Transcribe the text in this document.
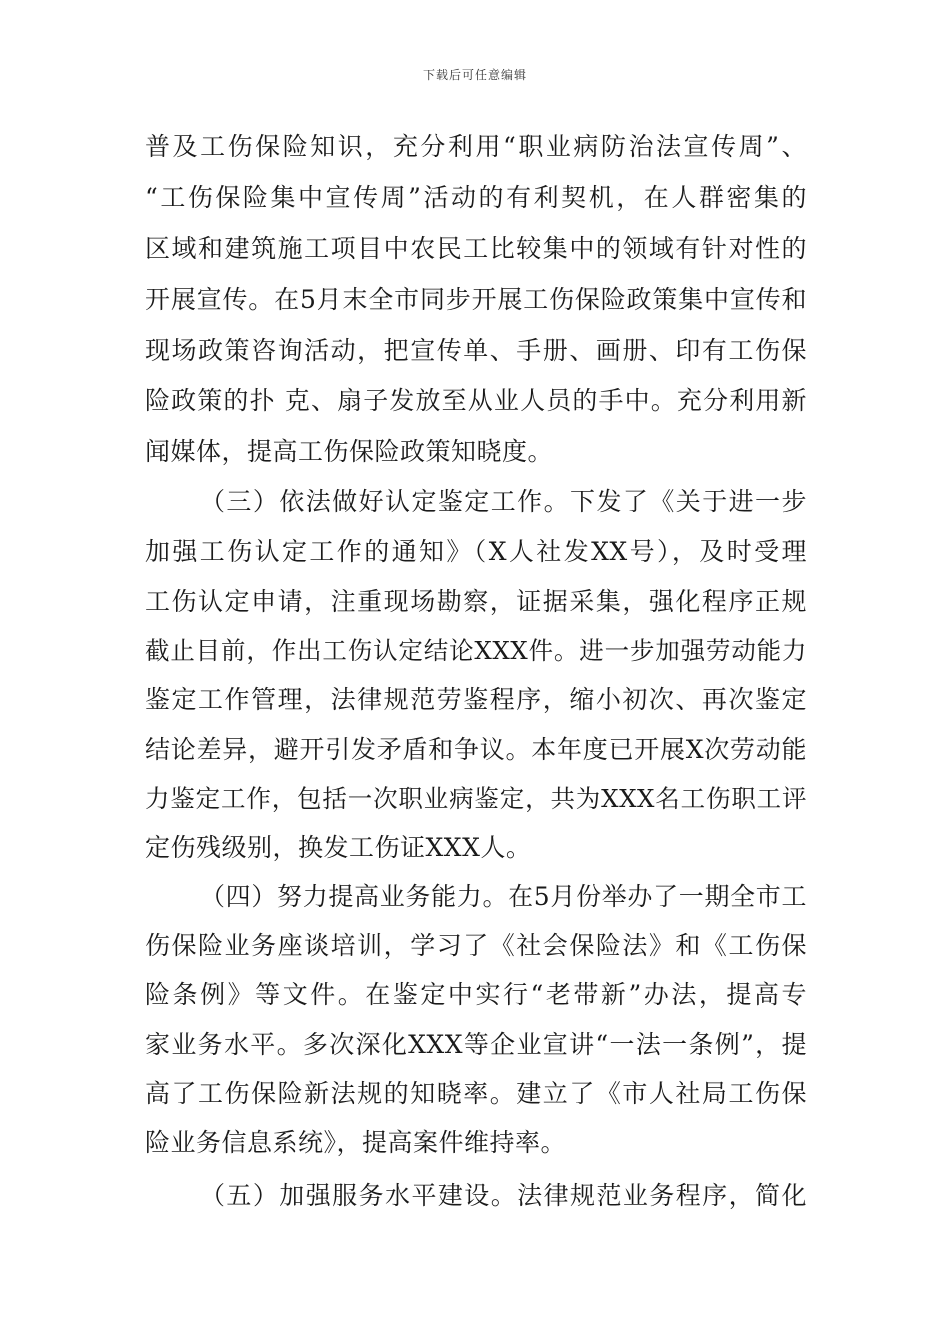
下载后可任意编辑
普及工伤保险知识，充分利用“职业病防治法宣传周”、
“工伤保险集中宣传周”活动的有利契机，在人群密集的
区域和建筑施工项目中农民工比较集中的领域有针对性的
开展宣传。在5月末全市同步开展工伤保险政策集中宣传和
现场政策咨询活动，把宣传单、手册、画册、印有工伤保
险政策的扑 克、扇子发放至从业人员的手中。充分利用新
闻媒体，提高工伤保险政策知晓度。
（三）依法做好认定鉴定工作。下发了《关于进一步
加强工伤认定工作的通知》（X人社发XX号），及时受理
工伤认定申请，注重现场勘察，证据采集，强化程序正规
截止目前，作出工伤认定结论XXX件。进一步加强劳动能力
鉴定工作管理，法律规范劳鉴程序，缩小初次、再次鉴定
结论差异，避开引发矛盾和争议。本年度已开展X次劳动能
力鉴定工作，包括一次职业病鉴定，共为XXX名工伤职工评
定伤残级别，换发工伤证XXX人。
（四）努力提高业务能力。在5月份举办了一期全市工
伤保险业务座谈培训，学习了《社会保险法》和《工伤保
险条例》等文件。在鉴定中实行“老带新”办法，提高专
家业务水平。多次深化XXX等企业宣讲“一法一条例”，提
高了工伤保险新法规的知晓率。建立了《市人社局工伤保
险业务信息系统》，提高案件维持率。
（五）加强服务水平建设。法律规范业务程序，简化
